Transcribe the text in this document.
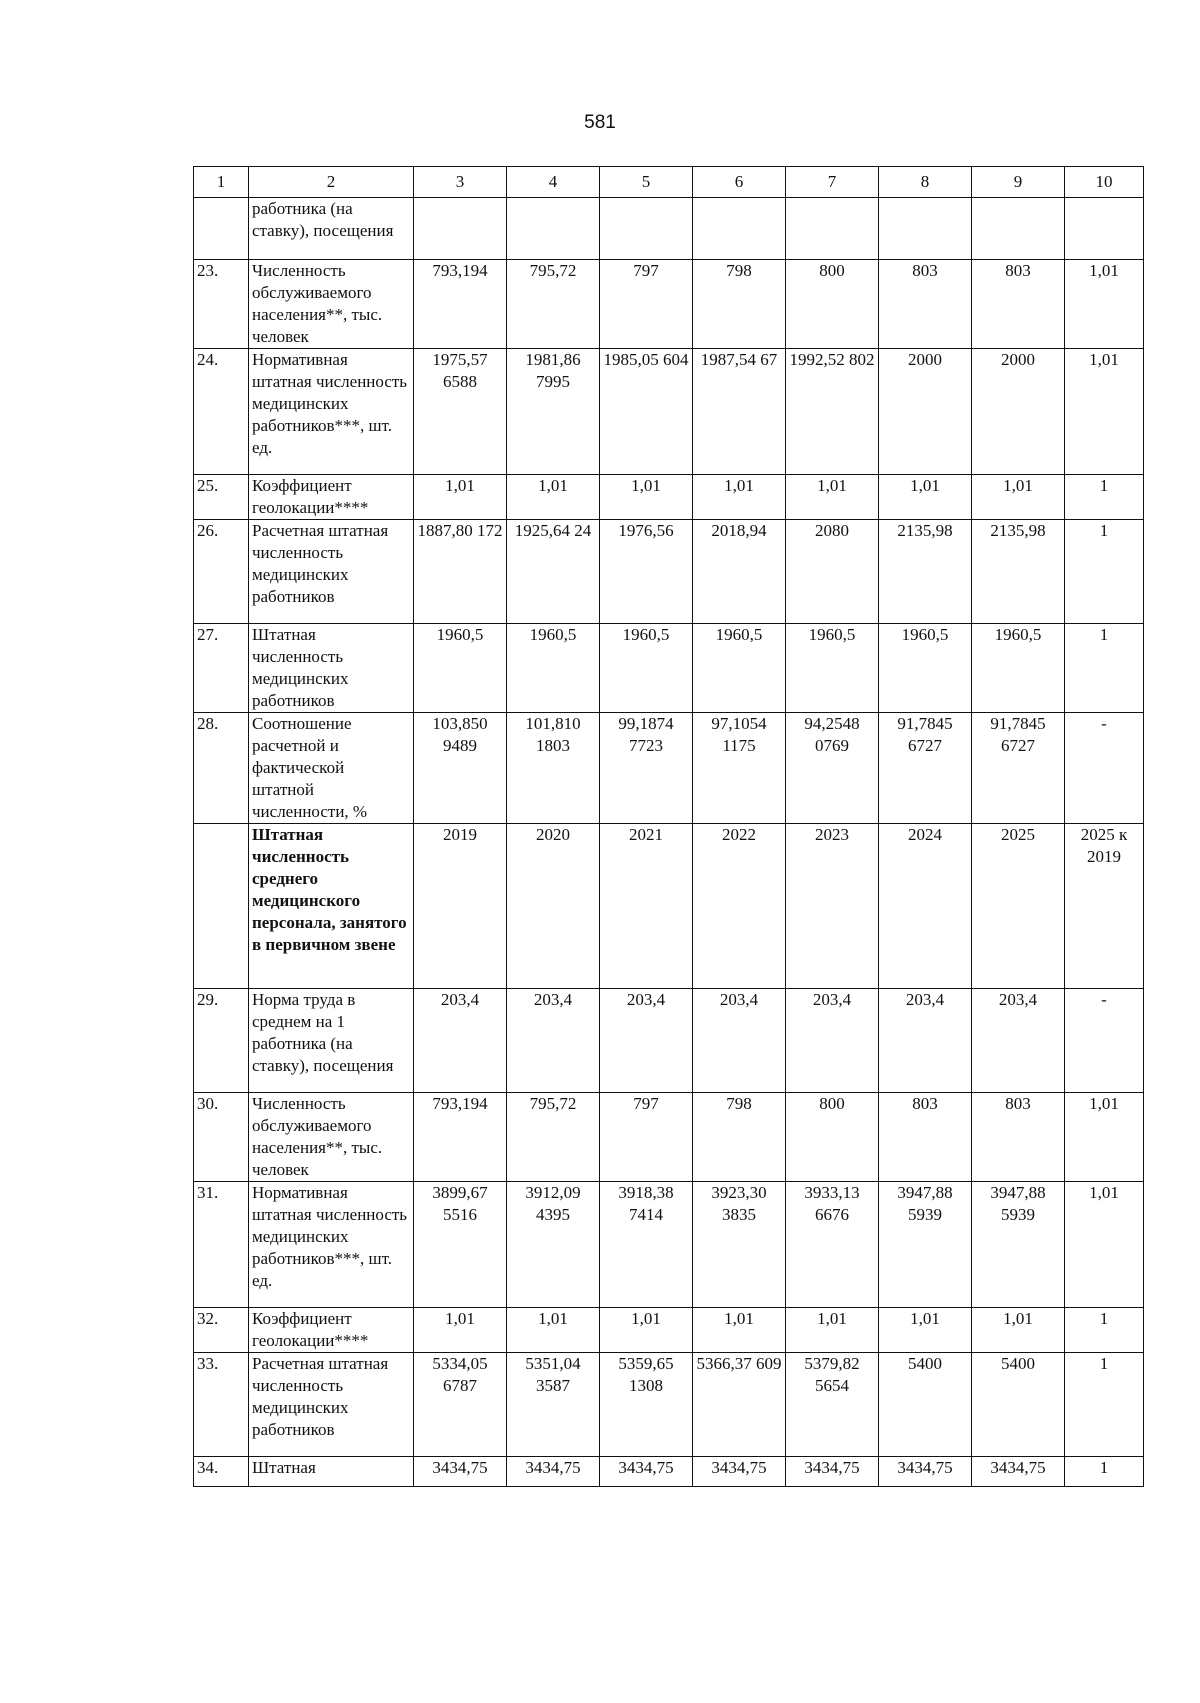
581
1	2	3	4	5	6	7	8	9	10
	работника (на ставку), посещения								
23.	Численность обслуживаемого населения**, тыс. человек	793,194	795,72	797	798	800	803	803	1,01
24.	Нормативная штатная численность медицинских работников***, шт. ед.	1975,57 6588	1981,86 7995	1985,05 604	1987,54 67	1992,52 802	2000	2000	1,01
25.	Коэффициент геолокации****	1,01	1,01	1,01	1,01	1,01	1,01	1,01	1
26.	Расчетная штатная численность медицинских работников	1887,80 172	1925,64 24	1976,56	2018,94	2080	2135,98	2135,98	1
27.	Штатная численность медицинских работников	1960,5	1960,5	1960,5	1960,5	1960,5	1960,5	1960,5	1
28.	Соотношение расчетной и фактической штатной численности, %	103,850 9489	101,810 1803	99,1874 7723	97,1054 1175	94,2548 0769	91,7845 6727	91,7845 6727	-
	Штатная численность среднего медицинского персонала, занятого в первичном звене	2019	2020	2021	2022	2023	2024	2025	2025 к 2019
29.	Норма труда в среднем на 1 работника (на ставку), посещения	203,4	203,4	203,4	203,4	203,4	203,4	203,4	-
30.	Численность обслуживаемого населения**, тыс. человек	793,194	795,72	797	798	800	803	803	1,01
31.	Нормативная штатная численность медицинских работников***, шт. ед.	3899,67 5516	3912,09 4395	3918,38 7414	3923,30 3835	3933,13 6676	3947,88 5939	3947,88 5939	1,01
32.	Коэффициент геолокации****	1,01	1,01	1,01	1,01	1,01	1,01	1,01	1
33.	Расчетная штатная численность медицинских работников	5334,05 6787	5351,04 3587	5359,65 1308	5366,37 609	5379,82 5654	5400	5400	1
34.	Штатная	3434,75	3434,75	3434,75	3434,75	3434,75	3434,75	3434,75	1
